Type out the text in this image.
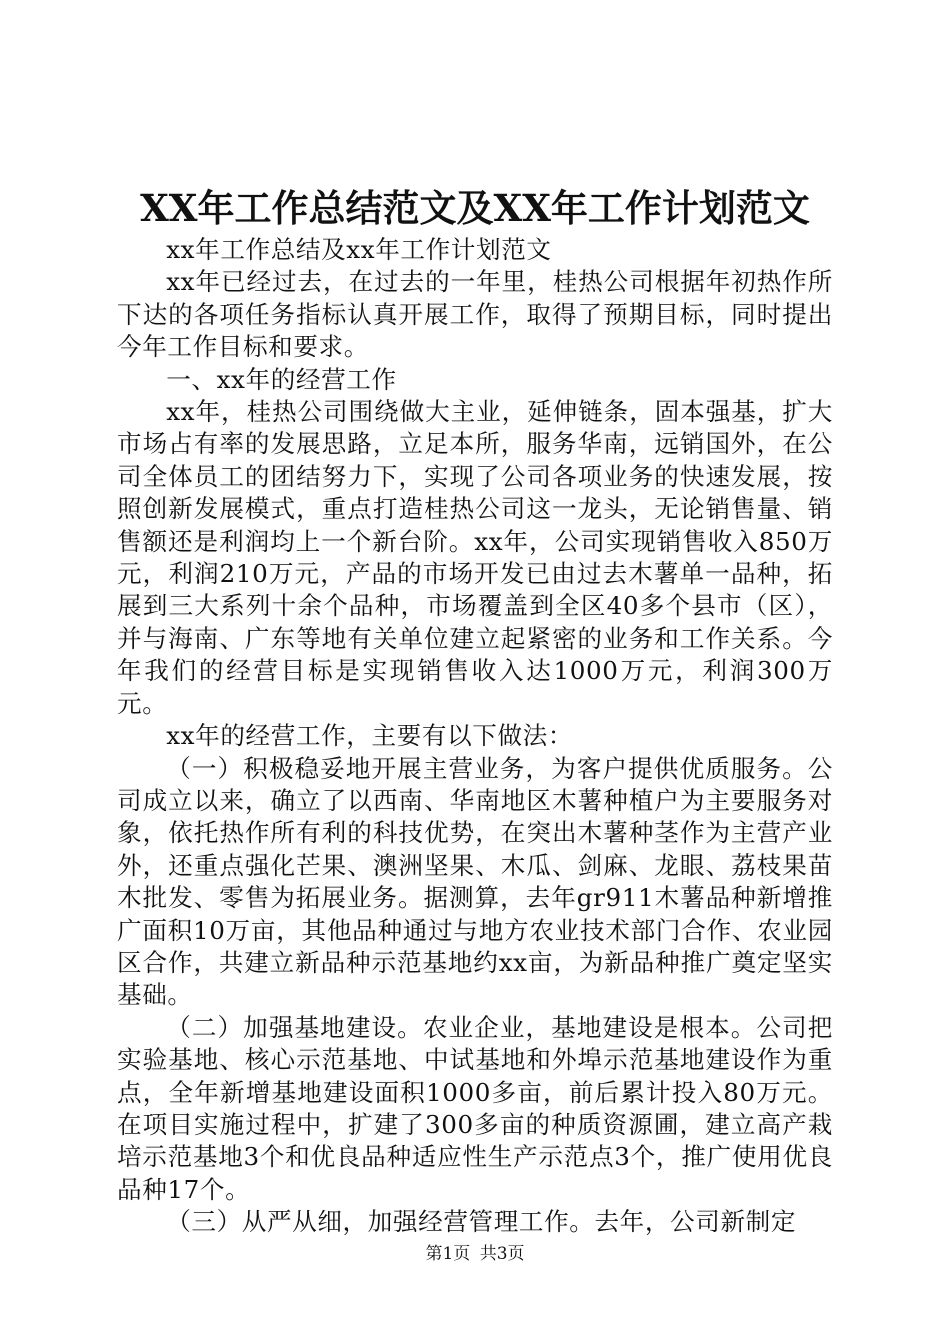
XX年工作总结范文及XX年工作计划范文

xx年工作总结及xx年工作计划范文

xx年已经过去，在过去的一年里，桂热公司根据年初热作所下达的各项任务指标认真开展工作，取得了预期目标，同时提出今年工作目标和要求。

一、xx年的经营工作

xx年，桂热公司围绕做大主业，延伸链条，固本强基，扩大市场占有率的发展思路，立足本所，服务华南，远销国外，在公司全体员工的团结努力下，实现了公司各项业务的快速发展，按照创新发展模式，重点打造桂热公司这一龙头，无论销售量、销售额还是利润均上一个新台阶。xx年，公司实现销售收入850万元，利润210万元，产品的市场开发已由过去木薯单一品种，拓展到三大系列十余个品种，市场覆盖到全区40多个县市（区），并与海南、广东等地有关单位建立起紧密的业务和工作关系。今年我们的经营目标是实现销售收入达1000万元，利润300万元。

xx年的经营工作，主要有以下做法：

（一）积极稳妥地开展主营业务，为客户提供优质服务。公司成立以来，确立了以西南、华南地区木薯种植户为主要服务对象，依托热作所有利的科技优势，在突出木薯种茎作为主营产业外，还重点强化芒果、澳洲坚果、木瓜、剑麻、龙眼、荔枝果苗木批发、零售为拓展业务。据测算，去年gr911木薯品种新增推广面积10万亩，其他品种通过与地方农业技术部门合作、农业园区合作，共建立新品种示范基地约xx亩，为新品种推广奠定坚实基础。

（二）加强基地建设。农业企业，基地建设是根本。公司把实验基地、核心示范基地、中试基地和外埠示范基地建设作为重点，全年新增基地建设面积1000多亩，前后累计投入80万元。在项目实施过程中，扩建了300多亩的种质资源圃，建立高产栽培示范基地3个和优良品种适应性生产示范点3个，推广使用优良品种17个。

（三）从严从细，加强经营管理工作。去年，公司新制定

第1页 共3页
